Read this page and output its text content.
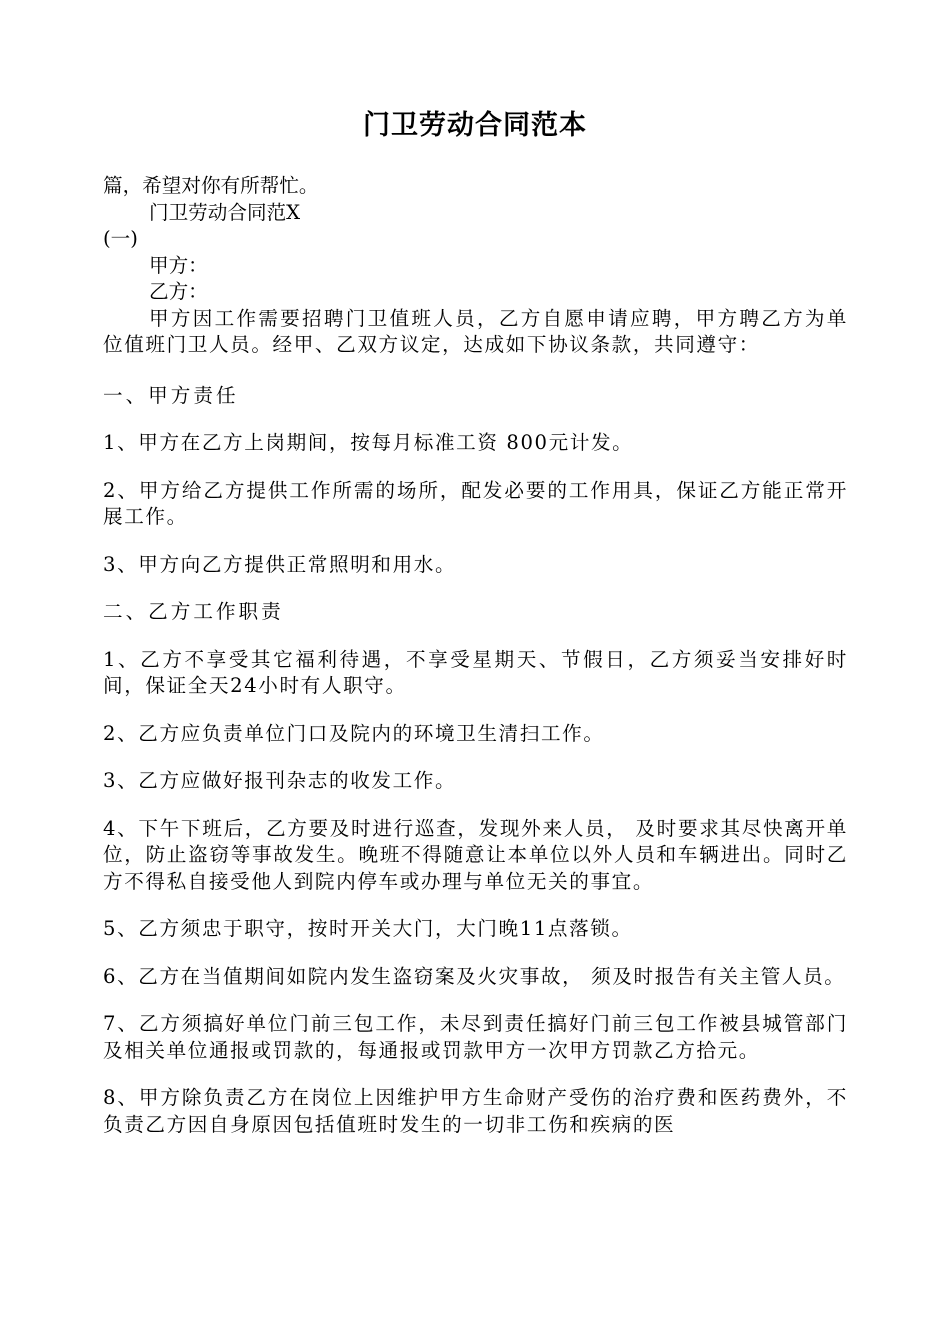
门卫劳动合同范本
篇，希望对你有所帮忙。
门卫劳动合同范X
(一)
甲方：
乙方：
甲方因工作需要招聘门卫值班人员，乙方自愿申请应聘，甲方聘乙方为单位值班门卫人员。经甲、乙双方议定，达成如下协议条款，共同遵守：
一、甲方责任
1、甲方在乙方上岗期间，按每月标准工资 800元计发。
2、甲方给乙方提供工作所需的场所，配发必要的工作用具，保证乙方能正常开展工作。
3、甲方向乙方提供正常照明和用水。
二、乙方工作职责
1、乙方不享受其它福利待遇，不享受星期天、节假日，乙方须妥当安排好时间，保证全天24小时有人职守。
2、乙方应负责单位门口及院内的环境卫生清扫工作。
3、乙方应做好报刊杂志的收发工作。
4、下午下班后，乙方要及时进行巡查，发现外来人员， 及时要求其尽快离开单位，防止盗窃等事故发生。晚班不得随意让本单位以外人员和车辆进出。同时乙方不得私自接受他人到院内停车或办理与单位无关的事宜。
5、乙方须忠于职守，按时开关大门，大门晚11点落锁。
6、乙方在当值期间如院内发生盗窃案及火灾事故， 须及时报告有关主管人员。
7、乙方须搞好单位门前三包工作，未尽到责任搞好门前三包工作被县城管部门及相关单位通报或罚款的，每通报或罚款甲方一次甲方罚款乙方拾元。
8、甲方除负责乙方在岗位上因维护甲方生命财产受伤的治疗费和医药费外，不负责乙方因自身原因包括值班时发生的一切非工伤和疾病的医
